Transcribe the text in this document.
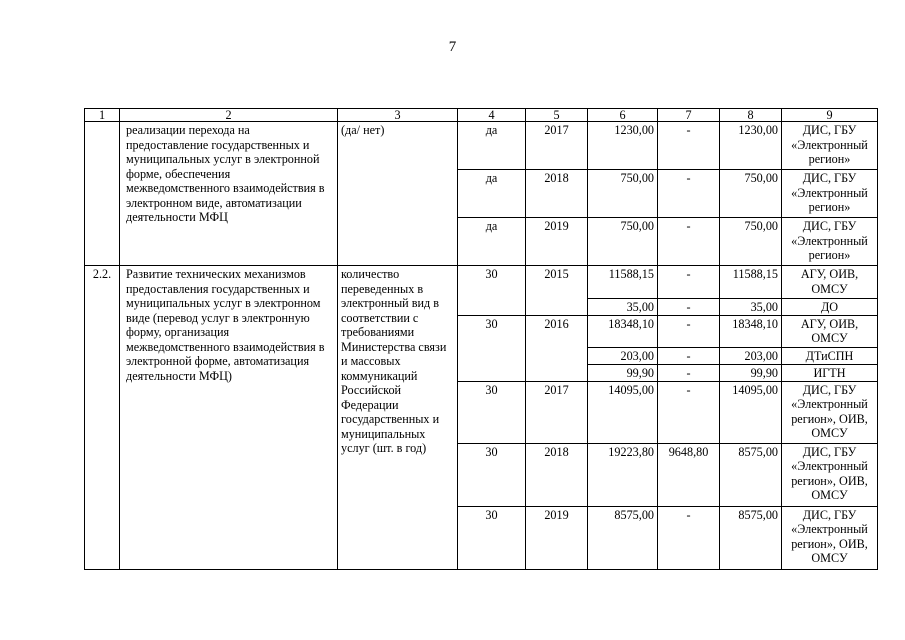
7
1	2	3	4	5	6	7	8	9
	реализации перехода на предоставление государственных и муниципальных услуг в электронной форме, обеспечения межведомственного взаимодействия в электронном виде, автоматизации деятельности МФЦ	(да/ нет)	да	2017	1230,00	-	1230,00	ДИС, ГБУ «Электронный регион»
			да	2018	750,00	-	750,00	ДИС, ГБУ «Электронный регион»
			да	2019	750,00	-	750,00	ДИС, ГБУ «Электронный регион»
2.2.	Развитие технических механизмов предоставления государственных и муниципальных услуг в электронном виде (перевод услуг в электронную форму, организация межведомственного взаимодействия в электронной форме, автоматизация деятельности МФЦ)	количество переведенных в электронный вид в соответствии с требованиями Министерства связи и массовых коммуникаций Российской Федерации государственных и муниципальных услуг (шт. в год)	30	2015	11588,15	-	11588,15	АГУ, ОИВ, ОМСУ
					35,00	-	35,00	ДО
			30	2016	18348,10	-	18348,10	АГУ, ОИВ, ОМСУ
					203,00	-	203,00	ДТиСПН
					99,90	-	99,90	ИГТН
			30	2017	14095,00	-	14095,00	ДИС, ГБУ «Электронный регион», ОИВ, ОМСУ
			30	2018	19223,80	9648,80	8575,00	ДИС, ГБУ «Электронный регион», ОИВ, ОМСУ
			30	2019	8575,00	-	8575,00	ДИС, ГБУ «Электронный регион», ОИВ, ОМСУ
